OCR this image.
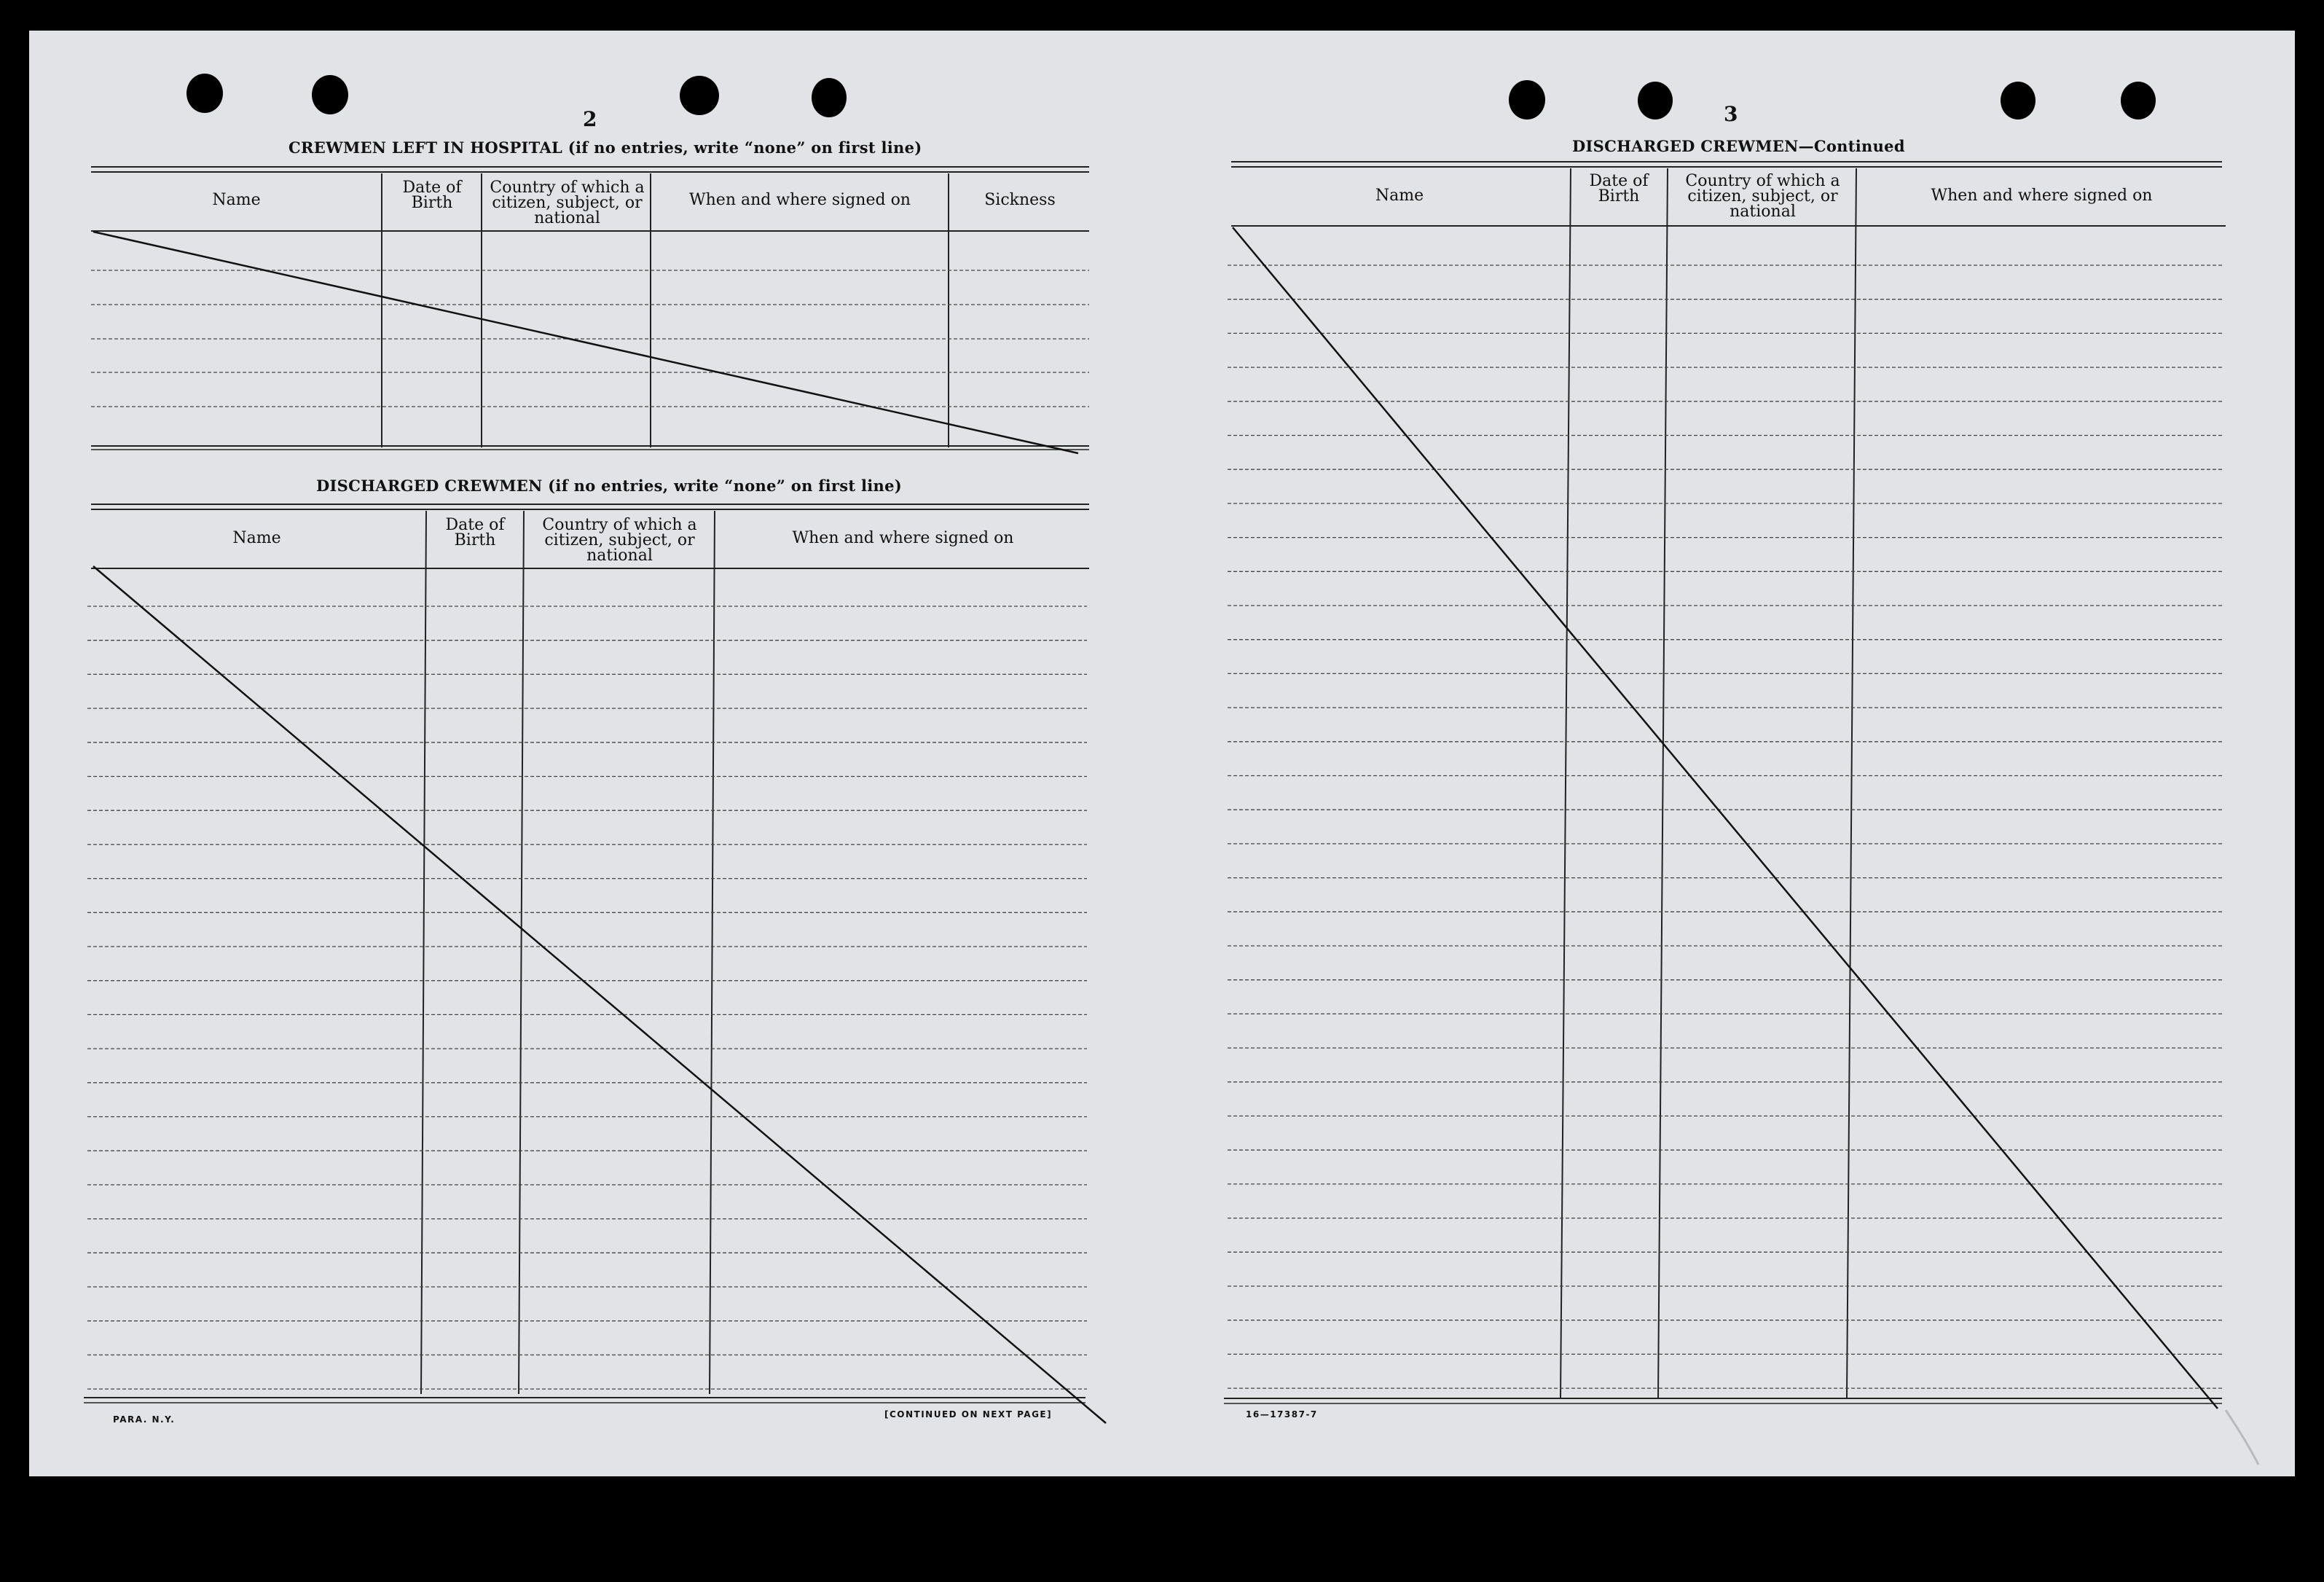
2
CREWMEN LEFT IN HOSPITAL (if no entries, write “none” on first line)
Name
Date of Birth
Country of which a citizen, subject, or national
When and where signed on	Sickness
DISCHARGED CREWMEN (if no entries, write “none” on first line)
Name
Date of Birth
Country of which a citizen, subject, or national
When and where signed on
PARA. N.Y.	[CONTINUED ON NEXT PAGE]
3
DISCHARGED CREWMEN—Continued
Name
Date of Birth
Country of which a citizen, subject, or national
When and where signed on
16—17387-7
